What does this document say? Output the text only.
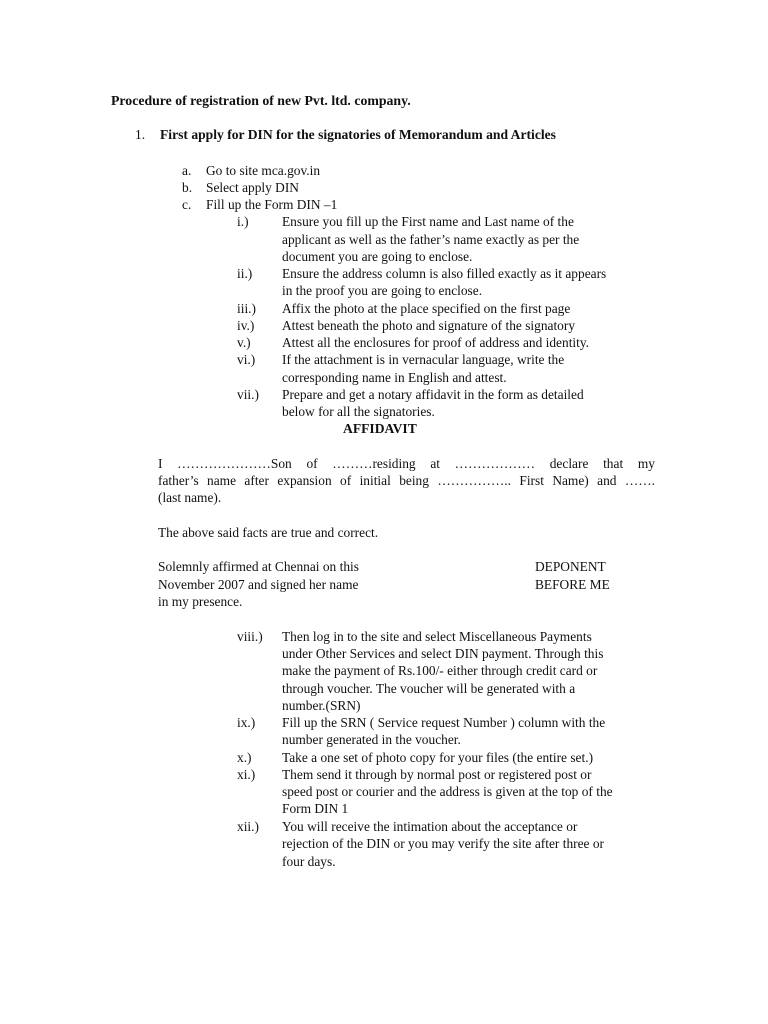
Procedure of registration of new Pvt. ltd. company.
1. First apply for DIN for the signatories of Memorandum and Articles
a. Go to site mca.gov.in
b. Select apply DIN
c. Fill up the Form DIN –1
i.) Ensure you fill up the First name and Last name of the
applicant as well as the father’s name exactly as per the
document you are going to enclose.
ii.) Ensure the address column is also filled exactly as it appears
in the proof you are going to enclose.
iii.) Affix the photo at the place specified on the first page
iv.) Attest beneath the photo and signature of the signatory
v.) Attest all the enclosures for proof of address and identity.
vi.) If the attachment is in vernacular language, write the
corresponding name in English and attest.
vii.) Prepare and get a notary affidavit in the form as detailed
below for all the signatories.
AFFIDAVIT
I …………………Son of ………residing at ……………… declare that my
father’s name after expansion of initial being …………….. First Name) and …….
(last name).
The above said facts are true and correct.
Solemnly affirmed at Chennai on this
November 2007 and signed her name
in my presence.
DEPONENT
BEFORE ME
viii.) Then log in to the site and select Miscellaneous Payments
under Other Services and select DIN payment. Through this
make the payment of Rs.100/- either through credit card or
through voucher. The voucher will be generated with a
number.(SRN)
ix.) Fill up the SRN ( Service request Number ) column with the
number generated in the voucher.
x.) Take a one set of photo copy for your files (the entire set.)
xi.) Them send it through by normal post or registered post or
speed post or courier and the address is given at the top of the
Form DIN 1
xii.) You will receive the intimation about the acceptance or
rejection of the DIN or you may verify the site after three or
four days.
